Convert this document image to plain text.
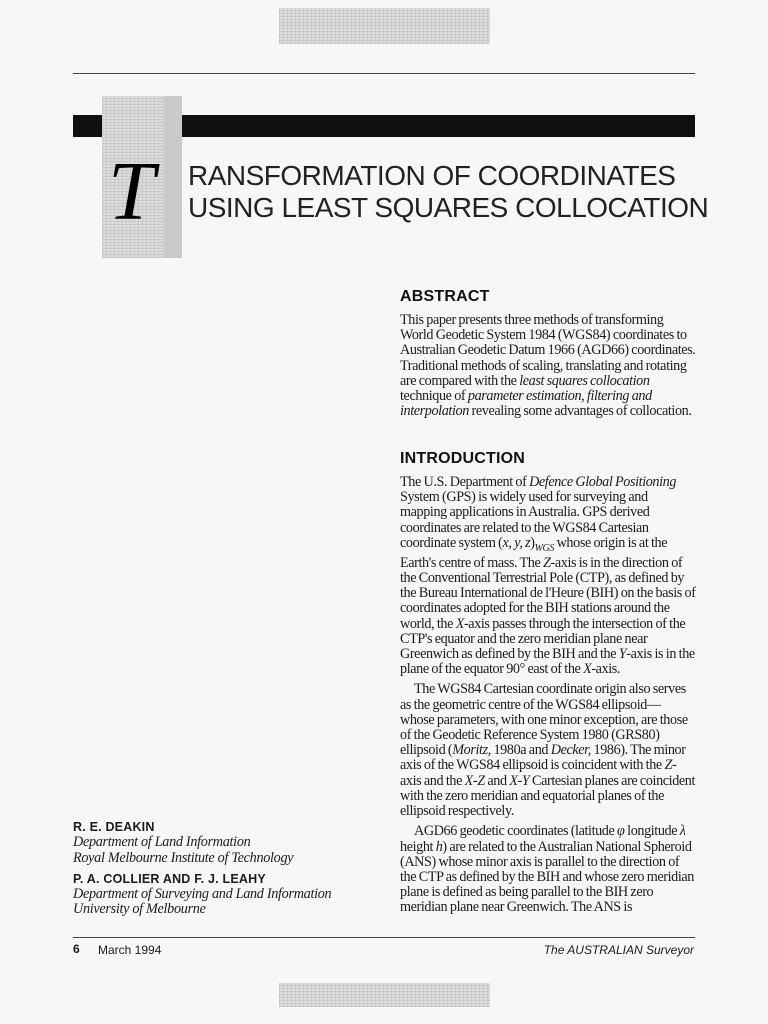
T RANSFORMATION OF COORDINATES
USING LEAST SQUARES COLLOCATION
ABSTRACT

This paper presents three methods of transforming World Geodetic System 1984 (WGS84) coordinates to Australian Geodetic Datum 1966 (AGD66) coordinates. Traditional methods of scaling, translating and rotating are compared with the least squares collocation technique of parameter estimation, filtering and interpolation revealing some advantages of collocation.

INTRODUCTION

The U.S. Department of Defence Global Positioning System (GPS) is widely used for surveying and mapping applications in Australia. GPS derived coordinates are related to the WGS84 Cartesian coordinate system (x, y, $z)_{WGS}$ whose origin is at the Earth's centre of mass. The Z-axis is in the direction of the Conventional Terrestrial Pole (CTP), as defined by the Bureau International de l'Heure (BIH) on the basis of coordinates adopted for the BIH stations around the world, the X-axis passes through the intersection of the CTP's equator and the zero meridian plane near Greenwich as defined by the BIH and the Y-axis is in the plane of the equator 90° east of the X-axis.

The WGS84 Cartesian coordinate origin also serves as the geometric centre of the WGS84 ellipsoid— whose parameters, with one minor exception, are those of the Geodetic Reference System 1980 (GRS80) ellipsoid (Moritz, 1980a and Decker, 1986). The minor axis of the WGS84 ellipsoid is coincident with the Z-axis and the X-Z and X-Y Cartesian planes are coincident with the zero meridian and equatorial planes of the ellipsoid respectively.

AGD66 geodetic coordinates (latitude φ longitude λ height h) are related to the Australian National Spheroid (ANS) whose minor axis is parallel to the direction of the CTP as defined by the BIH and whose zero meridian plane is defined as being parallel to the BIH zero meridian plane near Greenwich. The ANS is

R. E. DEAKIN
Department of Land Information
Royal Melbourne Institute of Technology
P. A. COLLIER AND F. J. LEAHY
Department of Surveying and Land Information
University of Melbourne
6 March 1994	The AUSTRALIAN Surveyor
